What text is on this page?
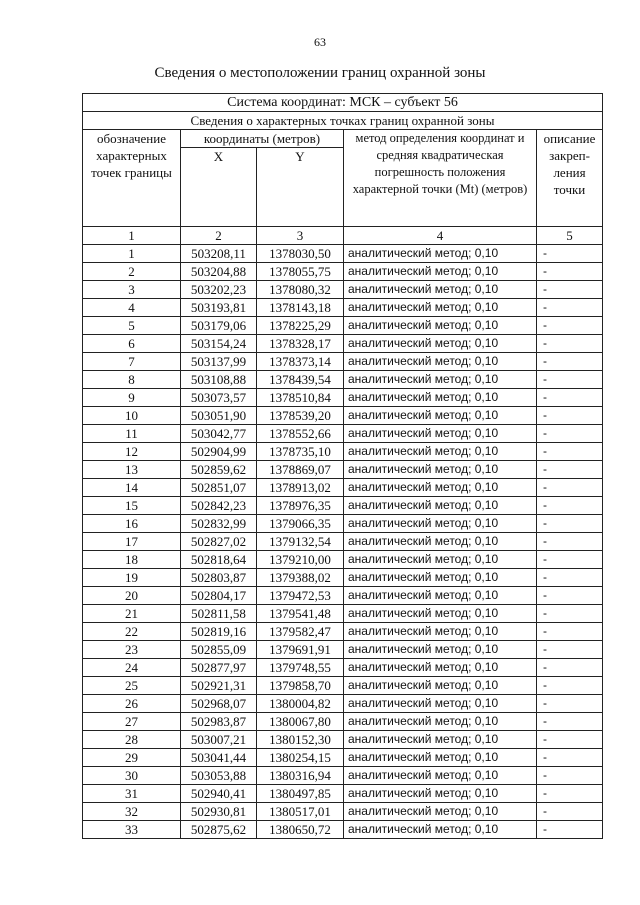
63
Сведения о местоположении границ охранной зоны
Система координат: МСК – субъект 56				
Сведения о характерных точках границ охранной зоны				
обозначение характерных точек границы	координаты (метров)		метод определения координат и средняя квадратическая погрешность положения характерной точки (Mt) (метров)	описание закреп-ления точки
	X	Y		
1	2	3	4	5
1	503208,11	1378030,50	аналитический метод; 0,10	-
2	503204,88	1378055,75	аналитический метод; 0,10	-
3	503202,23	1378080,32	аналитический метод; 0,10	-
4	503193,81	1378143,18	аналитический метод; 0,10	-
5	503179,06	1378225,29	аналитический метод; 0,10	-
6	503154,24	1378328,17	аналитический метод; 0,10	-
7	503137,99	1378373,14	аналитический метод; 0,10	-
8	503108,88	1378439,54	аналитический метод; 0,10	-
9	503073,57	1378510,84	аналитический метод; 0,10	-
10	503051,90	1378539,20	аналитический метод; 0,10	-
11	503042,77	1378552,66	аналитический метод; 0,10	-
12	502904,99	1378735,10	аналитический метод; 0,10	-
13	502859,62	1378869,07	аналитический метод; 0,10	-
14	502851,07	1378913,02	аналитический метод; 0,10	-
15	502842,23	1378976,35	аналитический метод; 0,10	-
16	502832,99	1379066,35	аналитический метод; 0,10	-
17	502827,02	1379132,54	аналитический метод; 0,10	-
18	502818,64	1379210,00	аналитический метод; 0,10	-
19	502803,87	1379388,02	аналитический метод; 0,10	-
20	502804,17	1379472,53	аналитический метод; 0,10	-
21	502811,58	1379541,48	аналитический метод; 0,10	-
22	502819,16	1379582,47	аналитический метод; 0,10	-
23	502855,09	1379691,91	аналитический метод; 0,10	-
24	502877,97	1379748,55	аналитический метод; 0,10	-
25	502921,31	1379858,70	аналитический метод; 0,10	-
26	502968,07	1380004,82	аналитический метод; 0,10	-
27	502983,87	1380067,80	аналитический метод; 0,10	-
28	503007,21	1380152,30	аналитический метод; 0,10	-
29	503041,44	1380254,15	аналитический метод; 0,10	-
30	503053,88	1380316,94	аналитический метод; 0,10	-
31	502940,41	1380497,85	аналитический метод; 0,10	-
32	502930,81	1380517,01	аналитический метод; 0,10	-
33	502875,62	1380650,72	аналитический метод; 0,10	-
